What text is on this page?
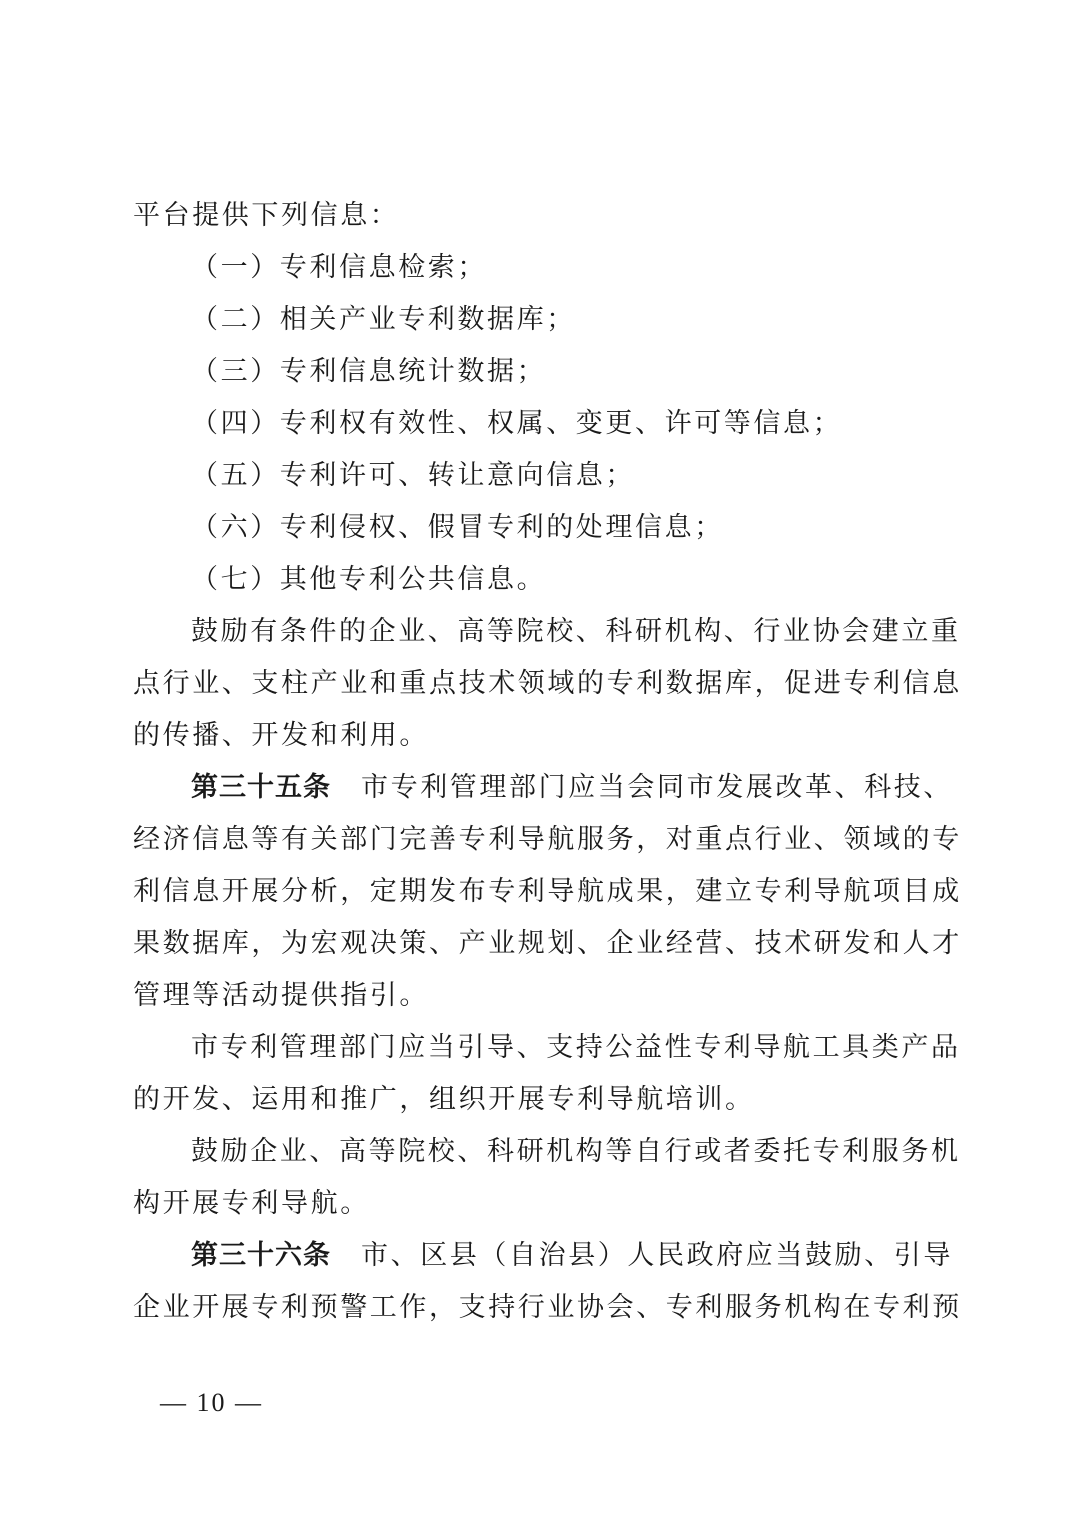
平台提供下列信息：
（一）专利信息检索；
（二）相关产业专利数据库；
（三）专利信息统计数据；
（四）专利权有效性、权属、变更、许可等信息；
（五）专利许可、转让意向信息；
（六）专利侵权、假冒专利的处理信息；
（七）其他专利公共信息。
鼓励有条件的企业、高等院校、科研机构、行业协会建立重
点行业、支柱产业和重点技术领域的专利数据库，促进专利信息
的传播、开发和利用。
第三十五条 市专利管理部门应当会同市发展改革、科技、
经济信息等有关部门完善专利导航服务，对重点行业、领域的专
利信息开展分析，定期发布专利导航成果，建立专利导航项目成
果数据库，为宏观决策、产业规划、企业经营、技术研发和人才
管理等活动提供指引。
市专利管理部门应当引导、支持公益性专利导航工具类产品
的开发、运用和推广，组织开展专利导航培训。
鼓励企业、高等院校、科研机构等自行或者委托专利服务机
构开展专利导航。
第三十六条 市、区县（自治县）人民政府应当鼓励、引导
企业开展专利预警工作，支持行业协会、专利服务机构在专利预
— 10 —
